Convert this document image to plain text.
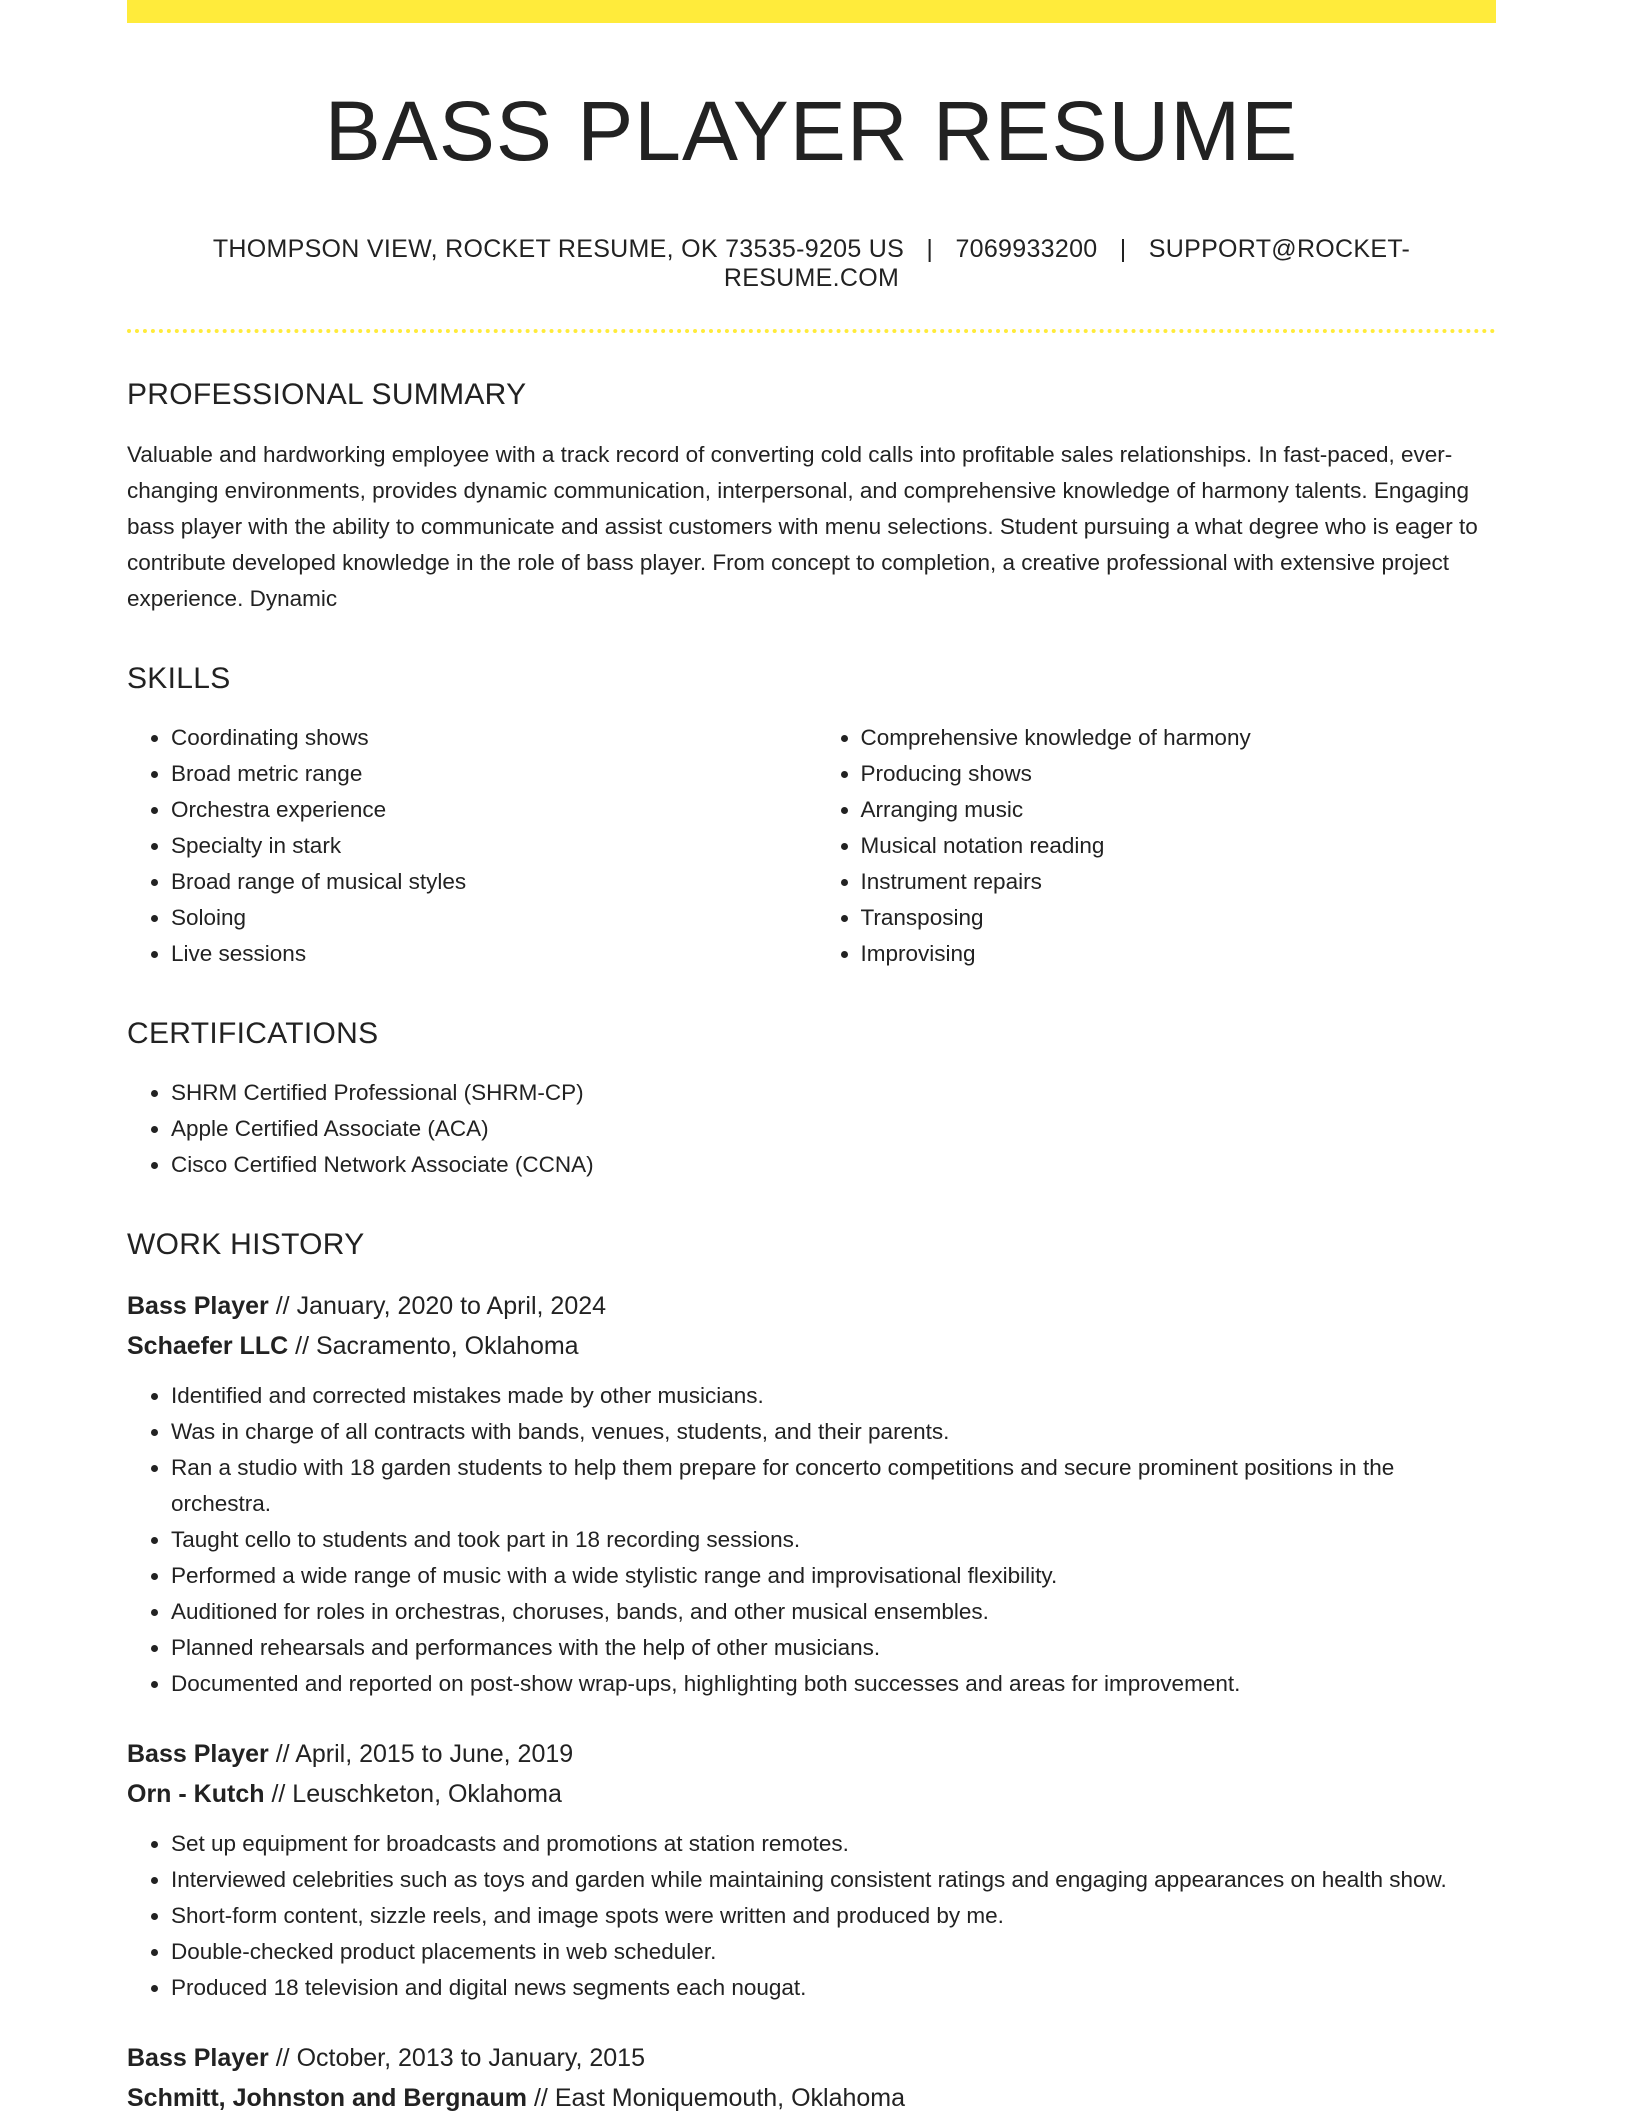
BASS PLAYER RESUME
THOMPSON VIEW, ROCKET RESUME, OK 73535-9205 US | 7069933200 | SUPPORT@ROCKET-RESUME.COM
PROFESSIONAL SUMMARY

Valuable and hardworking employee with a track record of converting cold calls into profitable sales relationships. In fast-paced, ever-changing environments, provides dynamic communication, interpersonal, and comprehensive knowledge of harmony talents. Engaging bass player with the ability to communicate and assist customers with menu selections. Student pursuing a what degree who is eager to contribute developed knowledge in the role of bass player. From concept to completion, a creative professional with extensive project experience. Dynamic

SKILLS
• Coordinating shows
• Broad metric range
• Orchestra experience
• Specialty in stark
• Broad range of musical styles
• Soloing
• Live sessions
• Comprehensive knowledge of harmony
• Producing shows
• Arranging music
• Musical notation reading
• Instrument repairs
• Transposing
• Improvising
CERTIFICATIONS
• SHRM Certified Professional (SHRM-CP)
• Apple Certified Associate (ACA)
• Cisco Certified Network Associate (CCNA)
WORK HISTORY
Bass Player // January, 2020 to April, 2024
Schaefer LLC // Sacramento, Oklahoma
• Identified and corrected mistakes made by other musicians.
• Was in charge of all contracts with bands, venues, students, and their parents.
• Ran a studio with 18 garden students to help them prepare for concerto competitions and secure prominent positions in the orchestra.
• Taught cello to students and took part in 18 recording sessions.
• Performed a wide range of music with a wide stylistic range and improvisational flexibility.
• Auditioned for roles in orchestras, choruses, bands, and other musical ensembles.
• Planned rehearsals and performances with the help of other musicians.
• Documented and reported on post-show wrap-ups, highlighting both successes and areas for improvement.
Bass Player // April, 2015 to June, 2019
Orn - Kutch // Leuschketon, Oklahoma
• Set up equipment for broadcasts and promotions at station remotes.
• Interviewed celebrities such as toys and garden while maintaining consistent ratings and engaging appearances on health show.
• Short-form content, sizzle reels, and image spots were written and produced by me.
• Double-checked product placements in web scheduler.
• Produced 18 television and digital news segments each nougat.
Bass Player // October, 2013 to January, 2015
Schmitt, Johnston and Bergnaum // East Moniquemouth, Oklahoma
